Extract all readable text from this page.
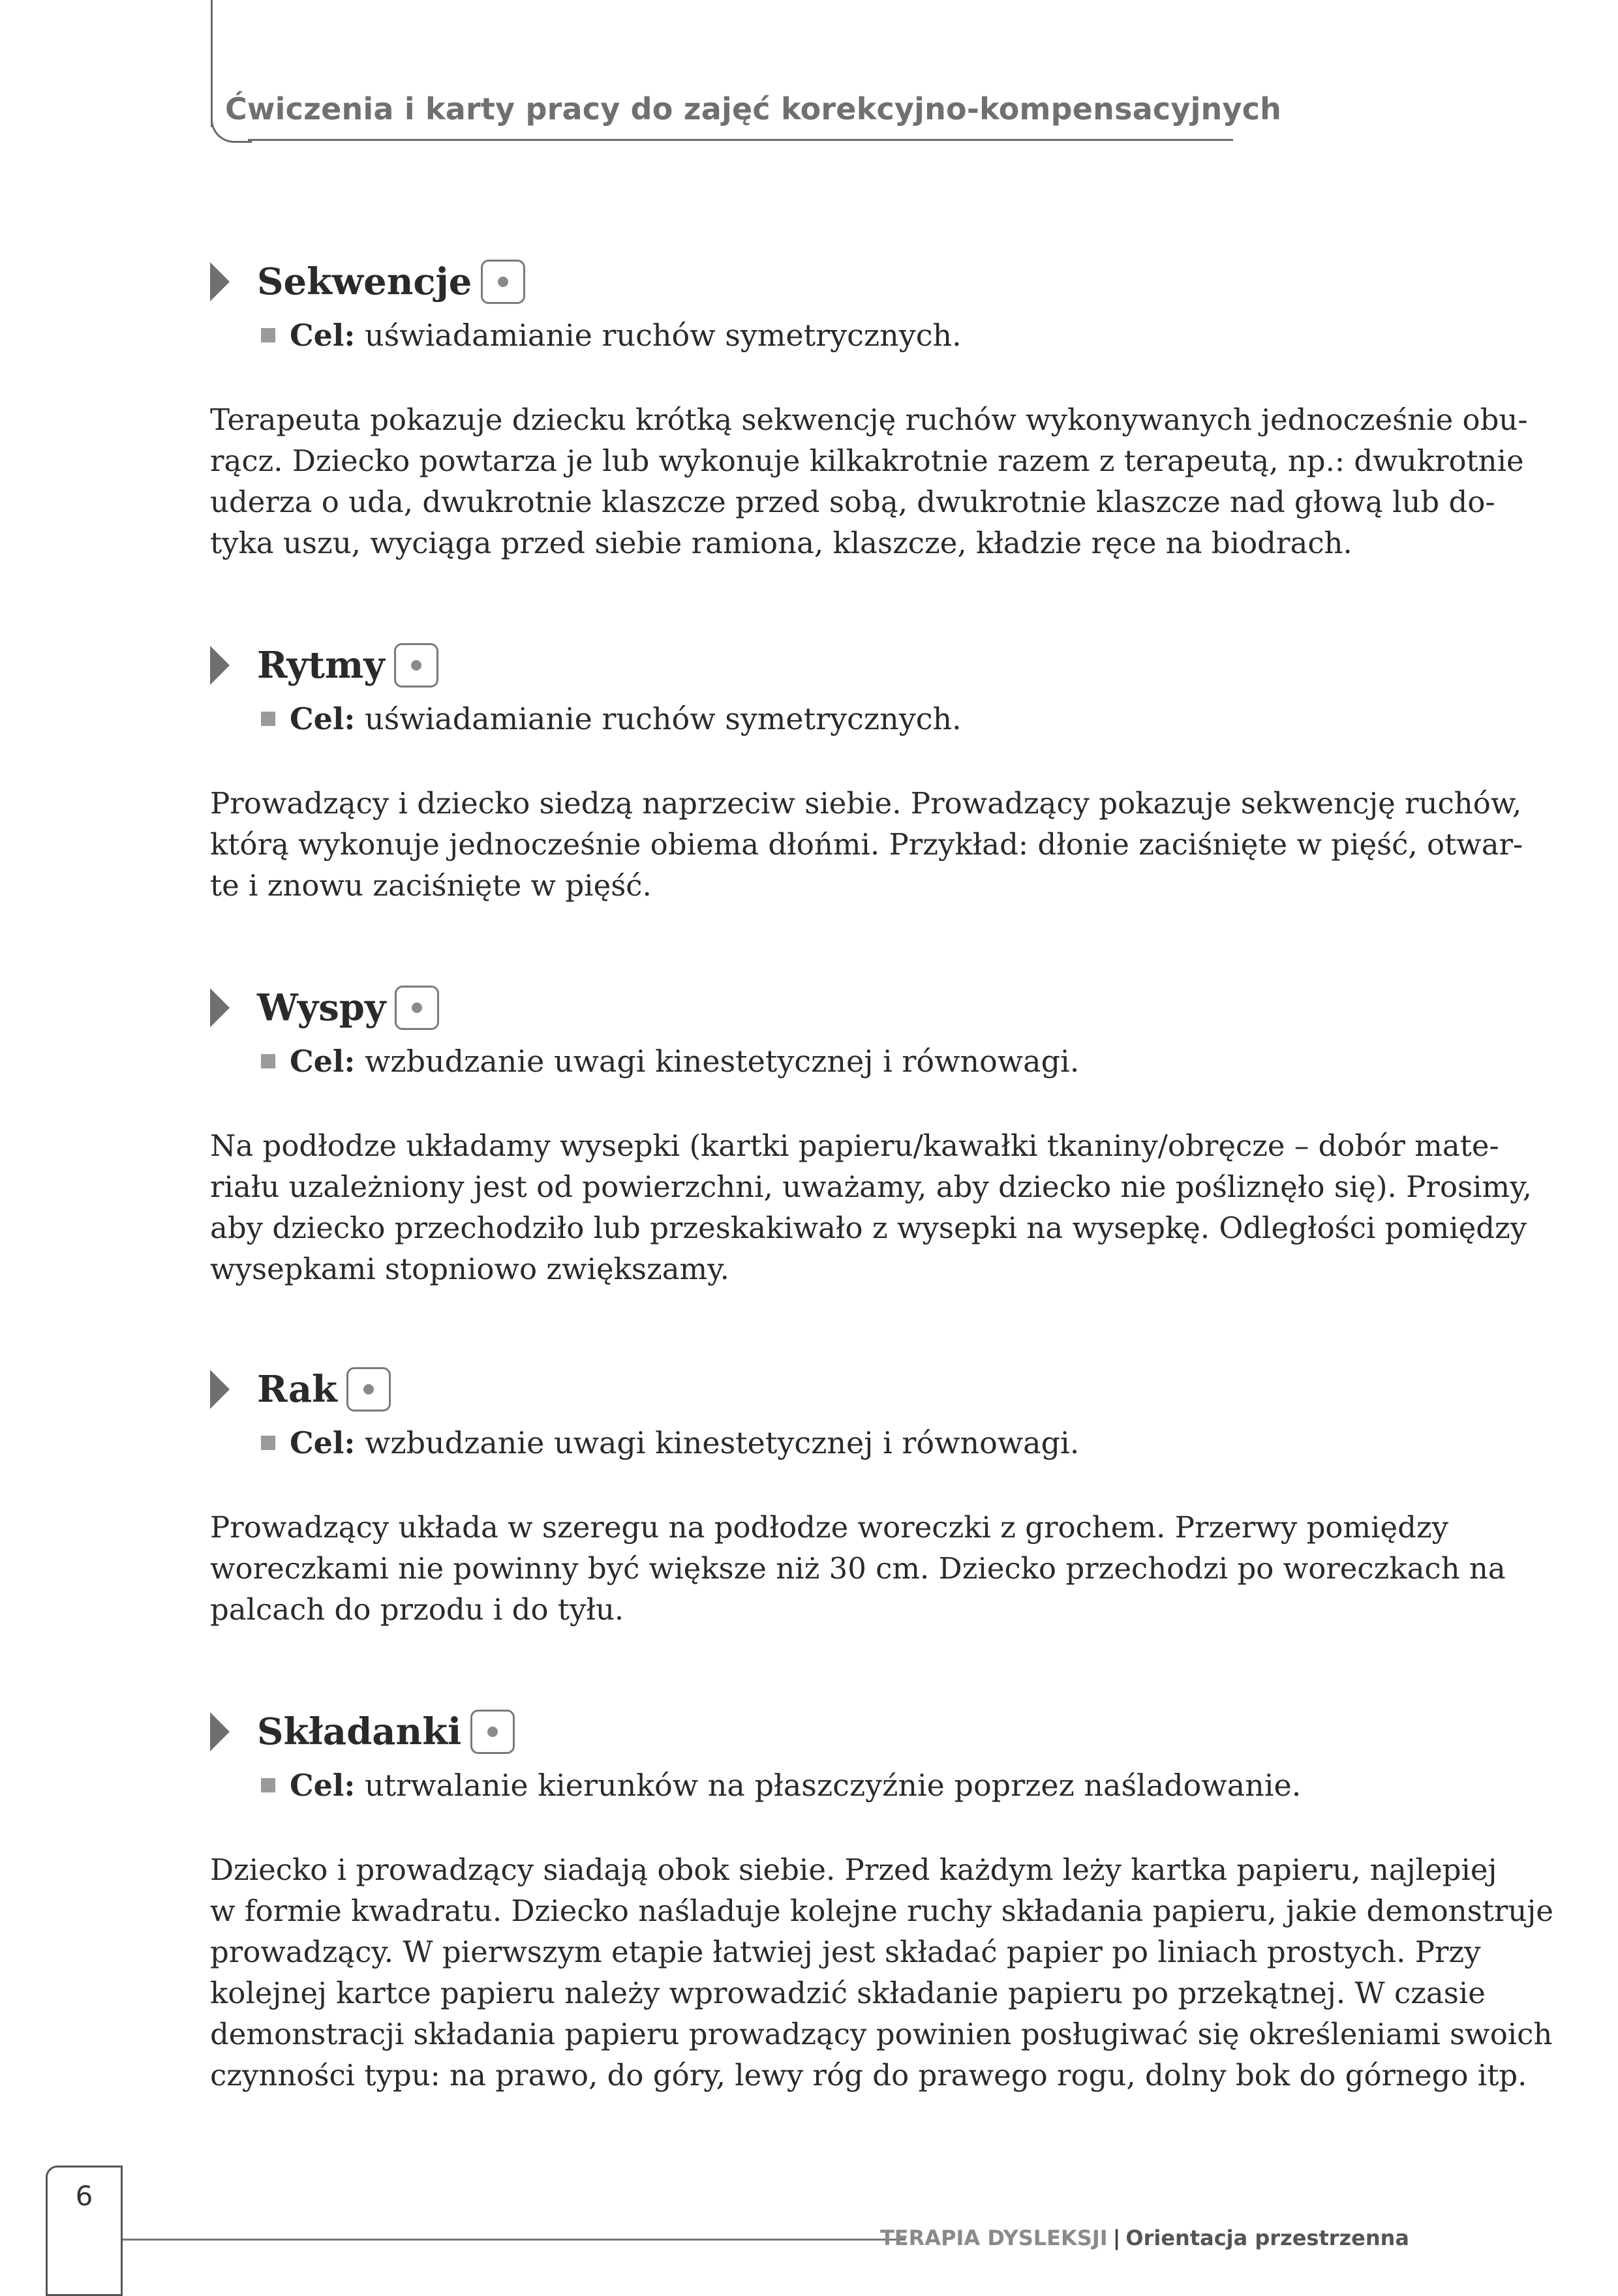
Ćwiczenia i karty pracy do zajęć korekcyjno-kompensacyjnych
Sekwencje
Cel: uświadamianie ruchów symetrycznych.
Terapeuta pokazuje dziecku krótką sekwencję ruchów wykonywanych jednocześnie obu-
rącz. Dziecko powtarza je lub wykonuje kilkakrotnie razem z terapeutą, np.: dwukrotnie
uderza o uda, dwukrotnie klaszcze przed sobą, dwukrotnie klaszcze nad głową lub do-
tyka uszu, wyciąga przed siebie ramiona, klaszcze, kładzie ręce na biodrach.
Rytmy
Cel: uświadamianie ruchów symetrycznych.
Prowadzący i dziecko siedzą naprzeciw siebie. Prowadzący pokazuje sekwencję ruchów,
którą wykonuje jednocześnie obiema dłońmi. Przykład: dłonie zaciśnięte w pięść, otwar-
te i znowu zaciśnięte w pięść.
Wyspy
Cel: wzbudzanie uwagi kinestetycznej i równowagi.
Na podłodze układamy wysepki (kartki papieru/kawałki tkaniny/obręcze – dobór mate-
riału uzależniony jest od powierzchni, uważamy, aby dziecko nie pośliznęło się). Prosimy,
aby dziecko przechodziło lub przeskakiwało z wysepki na wysepkę. Odległości pomiędzy
wysepkami stopniowo zwiększamy.
Rak
Cel: wzbudzanie uwagi kinestetycznej i równowagi.
Prowadzący układa w szeregu na podłodze woreczki z grochem. Przerwy pomiędzy
woreczkami nie powinny być większe niż 30 cm. Dziecko przechodzi po woreczkach na
palcach do przodu i do tyłu.
Składanki
Cel: utrwalanie kierunków na płaszczyźnie poprzez naśladowanie.
Dziecko i prowadzący siadają obok siebie. Przed każdym leży kartka papieru, najlepiej
w formie kwadratu. Dziecko naśladuje kolejne ruchy składania papieru, jakie demonstruje
prowadzący. W pierwszym etapie łatwiej jest składać papier po liniach prostych. Przy
kolejnej kartce papieru należy wprowadzić składanie papieru po przekątnej. W czasie
demonstracji składania papieru prowadzący powinien posługiwać się określeniami swoich
czynności typu: na prawo, do góry, lewy róg do prawego rogu, dolny bok do górnego itp.
6
TERAPIA DYSLEKSJI | Orientacja przestrzenna
